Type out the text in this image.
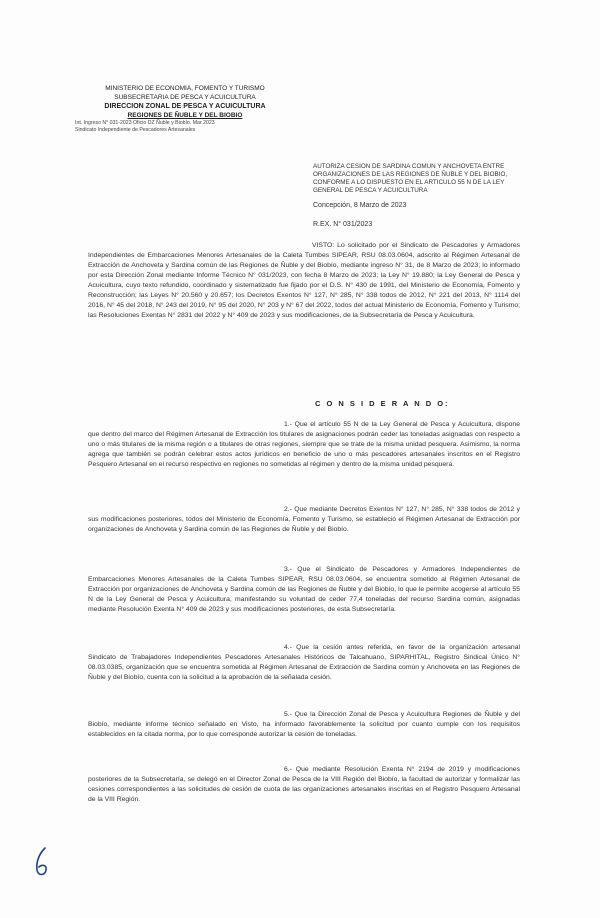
MINISTERIO DE ECONOMIA, FOMENTO Y TURISMO
SUBSECRETARIA DE PESCA Y ACUICULTURA
DIRECCION ZONAL DE PESCA Y ACUICULTURA
REGIONES DE ÑUBLE Y DEL BIOBIO
Int. Ingreso N° 031-2023 Oficio DZ Ñuble y Biobío. Mar 2023
Sindicato Independiente de Pescadores Artesanales
AUTORIZA CESION DE SARDINA COMUN Y ANCHOVETA ENTRE ORGANIZACIONES DE LAS REGIONES DE ÑUBLE Y DEL BIOBIO, CONFORME A LO DISPUESTO EN EL ARTICULO 55 N DE LA LEY GENERAL DE PESCA Y ACUICULTURA
Concepción, 8 Marzo de 2023
R.EX. N° 031/2023
VISTO: Lo solicitado por el Sindicato de Pescadores y Armadores Independientes de Embarcaciones Menores Artesanales de la Caleta Tumbes SIPEAR, RSU 08.03.0604, adscrito al Régimen Artesanal de Extracción de Anchoveta y Sardina común de las Regiones de Ñuble y del Biobío, mediante ingreso N° 31, de 8 Marzo de 2023; lo informado por esta Dirección Zonal mediante Informe Técnico N° 031/2023, con fecha 8 Marzo de 2023; la Ley N° 19.880; la Ley General de Pesca y Acuicultura, cuyo texto refundido, coordinado y sistematizado fue fijado por el D.S. N° 430 de 1991, del Ministerio de Economía, Fomento y Reconstrucción; las Leyes N° 20.560 y 20.657; los Decretos Exentos N° 127, N° 285, N° 338 todos de 2012, N° 221 del 2013, N° 1114 del 2016, N° 45 del 2018, N° 243 del 2019, N° 95 del 2020, N° 203 y N° 67 del 2022, todos del actual Ministerio de Economía, Fomento y Turismo; las Resoluciones Exentas N° 2831 del 2022 y N° 409 de 2023 y sus modificaciones, de la Subsecretaría de Pesca y Acuicultura.
C O N S I D E R A N D O:
1.- Que el artículo 55 N de la Ley General de Pesca y Acuicultura, dispone que dentro del marco del Régimen Artesanal de Extracción los titulares de asignaciones podrán ceder las toneladas asignadas con respecto a uno o más titulares de la misma región o a titulares de otras regiones, siempre que se trate de la misma unidad pesquera. Asimismo, la norma agrega que también se podrán celebrar estos actos jurídicos en beneficio de uno o más pescadores artesanales inscritos en el Registro Pesquero Artesanal en el recurso respectivo en regiones no sometidas al régimen y dentro de la misma unidad pesquera.
2.- Que mediante Decretos Exentos N° 127, N° 285, N° 338 todos de 2012 y sus modificaciones posteriores, todos del Ministerio de Economía, Fomento y Turismo, se estableció el Régimen Artesanal de Extracción por organizaciones de Anchoveta y Sardina común de las Regiones de Ñuble y del Biobío.
3.- Que el Sindicato de Pescadores y Armadores Independientes de Embarcaciones Menores Artesanales de la Caleta Tumbes SIPEAR, RSU 08.03.0604, se encuentra sometido al Régimen Artesanal de Extracción por organizaciones de Anchoveta y Sardina común de las Regiones de Ñuble y del Biobío, lo que le permite acogerse al artículo 55 N de la Ley General de Pesca y Acuicultura, manifestando su voluntad de ceder 77,4 toneladas del recurso Sardina común, asignadas mediante Resolución Exenta N° 409 de 2023 y sus modificaciones posteriores, de esta Subsecretaría.
4.- Que la cesión antes referida, en favor de la organización artesanal Sindicato de Trabajadores Independientes Pescadores Artesanales Históricos de Talcahuano, SIPARHITAL, Registro Sindical Único N° 08.03.0385, organización que se encuentra sometida al Régimen Artesanal de Extracción de Sardina común y Anchoveta en las Regiones de Ñuble y del Biobío, cuenta con la solicitud a la aprobación de la señalada cesión.
5.- Que la Dirección Zonal de Pesca y Acuicultura Regiones de Ñuble y del Biobío, mediante informe técnico señalado en Visto, ha informado favorablemente la solicitud por cuanto cumple con los requisitos establecidos en la citada norma, por lo que corresponde autorizar la cesión de toneladas.
6.- Que mediante Resolución Exenta N° 2194 de 2019 y modificaciones posteriores de la Subsecretaría, se delegó en el Director Zonal de Pesca de la VIII Región del Biobío, la facultad de autorizar y formalizar las cesiones correspondientes a las solicitudes de cesión de cuota de las organizaciones artesanales inscritas en el Registro Pesquero Artesanal de la VIII Región.
